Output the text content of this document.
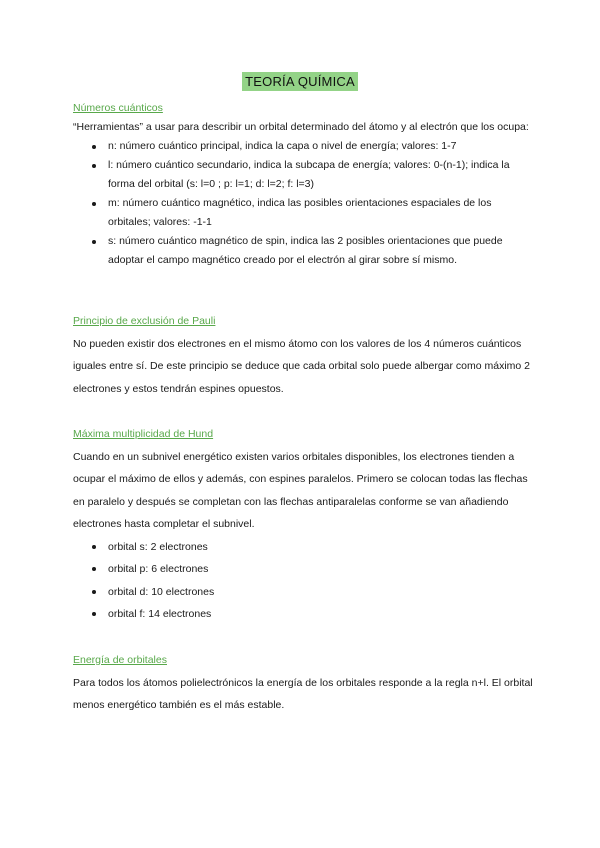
TEORÍA QUÍMICA

Números cuánticos

“Herramientas” a usar para describir un orbital determinado del átomo y al electrón que los ocupa:

n: número cuántico principal, indica la capa o nivel de energía; valores: 1-7
l: número cuántico secundario, indica la subcapa de energía; valores: 0-(n-1); indica la forma del orbital (s: l=0 ; p: l=1; d: l=2; f: l=3)
m: número cuántico magnético, indica las posibles orientaciones espaciales de los orbitales; valores: -1-1
s: número cuántico magnético de spin, indica las 2 posibles orientaciones que puede adoptar el campo magnético creado por el electrón al girar sobre sí mismo.

Principio de exclusión de Pauli

No pueden existir dos electrones en el mismo átomo con los valores de los 4 números cuánticos iguales entre sí. De este principio se deduce que cada orbital solo puede albergar como máximo 2 electrones y estos tendrán espines opuestos.

Máxima multiplicidad de Hund

Cuando en un subnivel energético existen varios orbitales disponibles, los electrones tienden a ocupar el máximo de ellos y además, con espines paralelos. Primero se colocan todas las flechas en paralelo y después se completan con las flechas antiparalelas conforme se van añadiendo electrones hasta completar el subnivel.

orbital s: 2 electrones
orbital p: 6 electrones
orbital d: 10 electrones
orbital f: 14 electrones

Energía de orbitales

Para todos los átomos polielectrónicos la energía de los orbitales responde a la regla n+l. El orbital menos energético también es el más estable.
